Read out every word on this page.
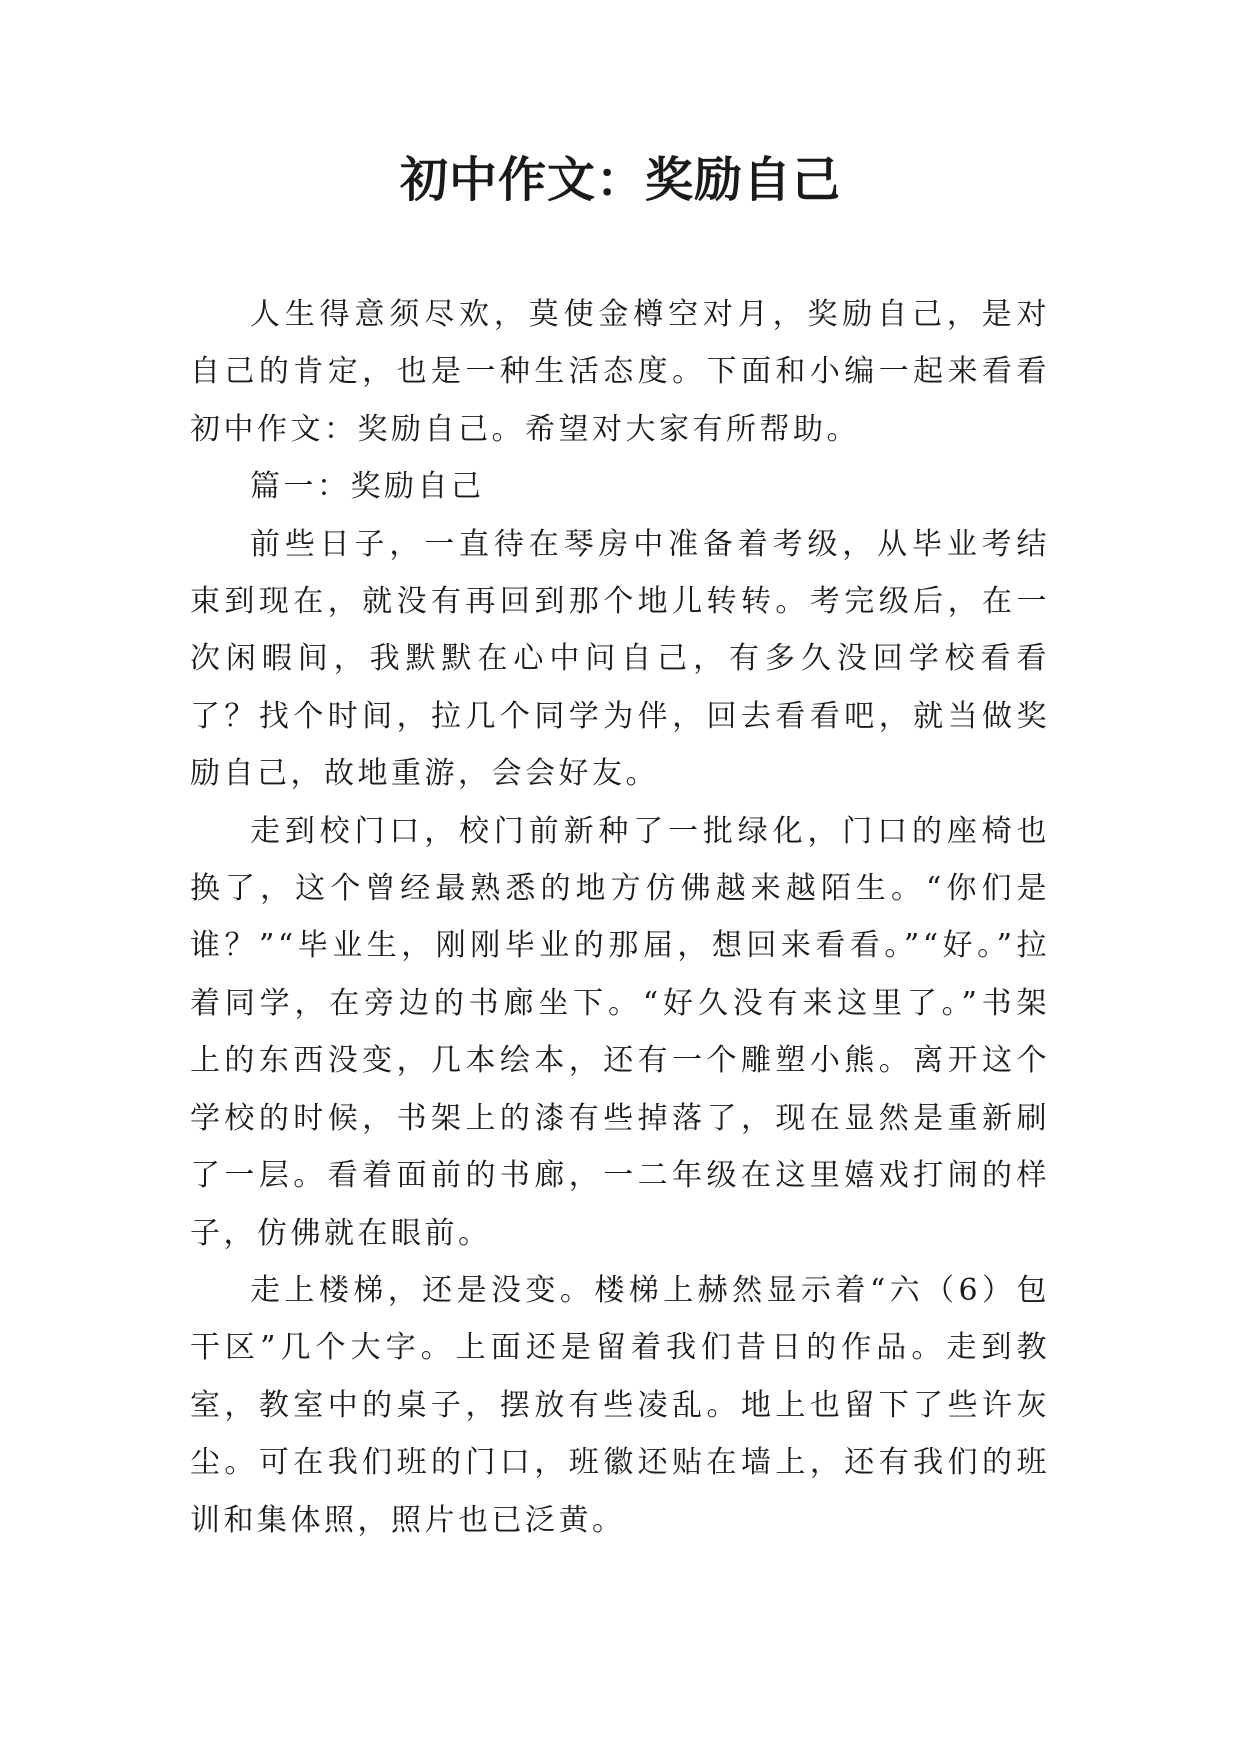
初中作文：奖励自己

人生得意须尽欢，莫使金樽空对月，奖励自己，是对自己的肯定，也是一种生活态度。下面和小编一起来看看初中作文：奖励自己。希望对大家有所帮助。

篇一：奖励自己

前些日子，一直待在琴房中准备着考级，从毕业考结束到现在，就没有再回到那个地儿转转。考完级后，在一次闲暇间，我默默在心中问自己，有多久没回学校看看了？找个时间，拉几个同学为伴，回去看看吧，就当做奖励自己，故地重游，会会好友。

走到校门口，校门前新种了一批绿化，门口的座椅也换了，这个曾经最熟悉的地方仿佛越来越陌生。“你们是谁？”“毕业生，刚刚毕业的那届，想回来看看。”“好。”拉着同学，在旁边的书廊坐下。“好久没有来这里了。”书架上的东西没变，几本绘本，还有一个雕塑小熊。离开这个学校的时候，书架上的漆有些掉落了，现在显然是重新刷了一层。看着面前的书廊，一二年级在这里嬉戏打闹的样子，仿佛就在眼前。

走上楼梯，还是没变。楼梯上赫然显示着“六（6）包干区”几个大字。上面还是留着我们昔日的作品。走到教室，教室中的桌子，摆放有些凌乱。地上也留下了些许灰尘。可在我们班的门口，班徽还贴在墙上，还有我们的班训和集体照，照片也已泛黄。
